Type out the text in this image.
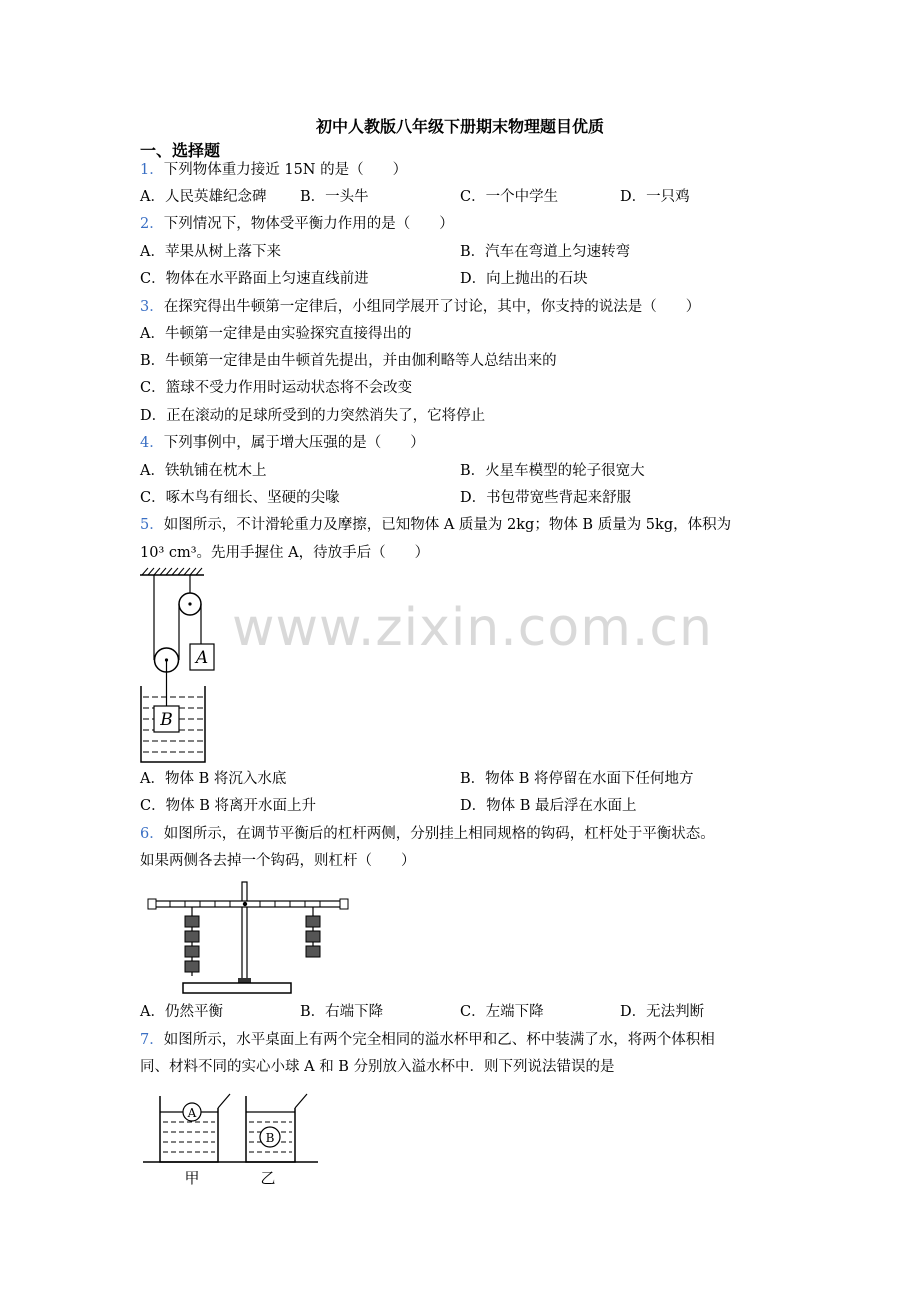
初中人教版八年级下册期末物理题目优质
一、选择题
1．下列物体重力接近 15N 的是（　　）
A．人民英雄纪念碑 B．一头牛	C．一个中学生	D．一只鸡
2．下列情况下，物体受平衡力作用的是（　　）
A．苹果从树上落下来	B．汽车在弯道上匀速转弯
C．物体在水平路面上匀速直线前进	D．向上抛出的石块
3．在探究得出牛顿第一定律后，小组同学展开了讨论，其中，你支持的说法是（　　）
A．牛顿第一定律是由实验探究直接得出的
B．牛顿第一定律是由牛顿首先提出，并由伽利略等人总结出来的
C．篮球不受力作用时运动状态将不会改变
D．正在滚动的足球所受到的力突然消失了，它将停止
4．下列事例中，属于增大压强的是（　　）
A．铁轨铺在枕木上	B．火星车模型的轮子很宽大
C．啄木鸟有细长、坚硬的尖喙	D．书包带宽些背起来舒服
5．如图所示，不计滑轮重力及摩擦，已知物体 A 质量为 2kg；物体 B 质量为 5kg，体积为
10³ cm³。先用手握住 A，待放手后（　　）
A
B
A．物体 B 将沉入水底	B．物体 B 将停留在水面下任何地方
C．物体 B 将离开水面上升	D．物体 B 最后浮在水面上
6．如图所示，在调节平衡后的杠杆两侧，分别挂上相同规格的钩码，杠杆处于平衡状态。
如果两侧各去掉一个钩码，则杠杆（　　）
A．仍然平衡	B．右端下降	C．左端下降	D．无法判断
7．如图所示，水平桌面上有两个完全相同的溢水杯甲和乙、杯中装满了水，将两个体积相
同、材料不同的实心小球 A 和 B 分别放入溢水杯中．则下列说法错误的是
A
B
甲	乙
www.zixin.com.cn
